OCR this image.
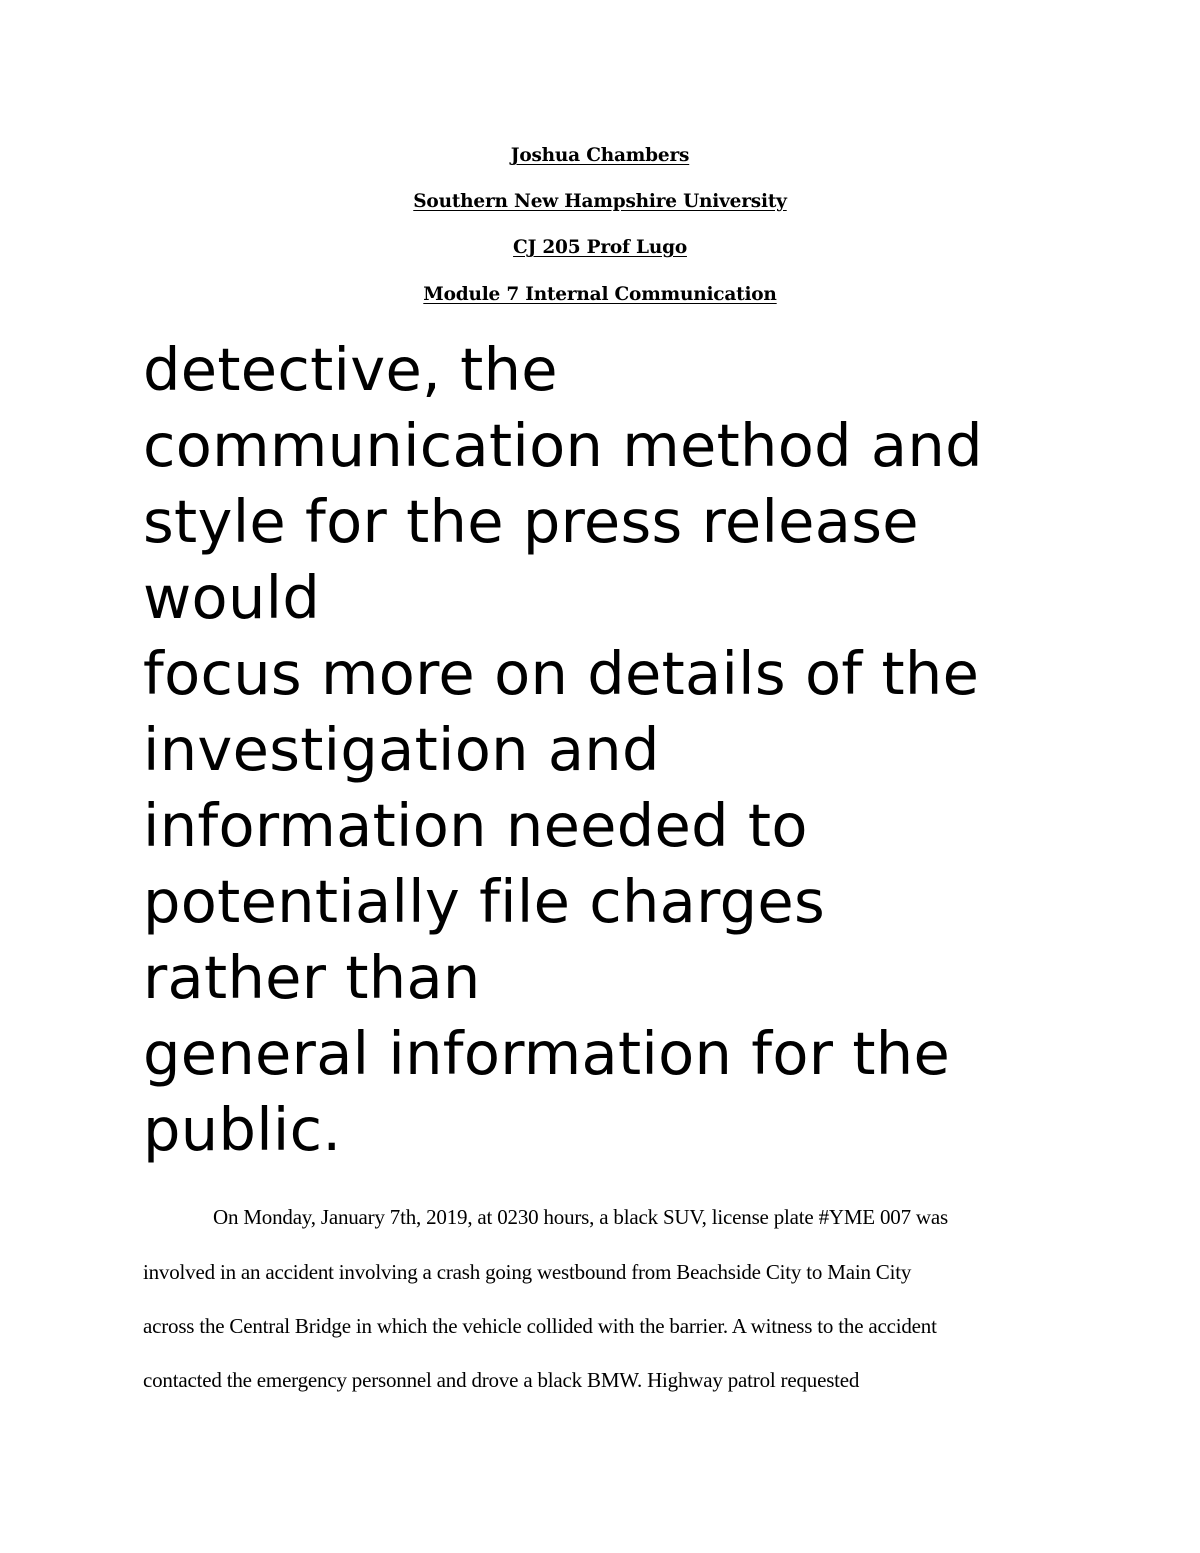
Joshua Chambers
Southern New Hampshire University
CJ 205 Prof Lugo
Module 7 Internal Communication
detective, the
communication method and
style for the press release
would
focus more on details of the
investigation and
information needed to
potentially file charges
rather than
general information for the
public.
On Monday, January 7th, 2019, at 0230 hours, a black SUV, license plate #YME 007 was
involved in an accident involving a crash going westbound from Beachside City to Main City
across the Central Bridge in which the vehicle collided with the barrier. A witness to the accident
contacted the emergency personnel and drove a black BMW. Highway patrol requested
